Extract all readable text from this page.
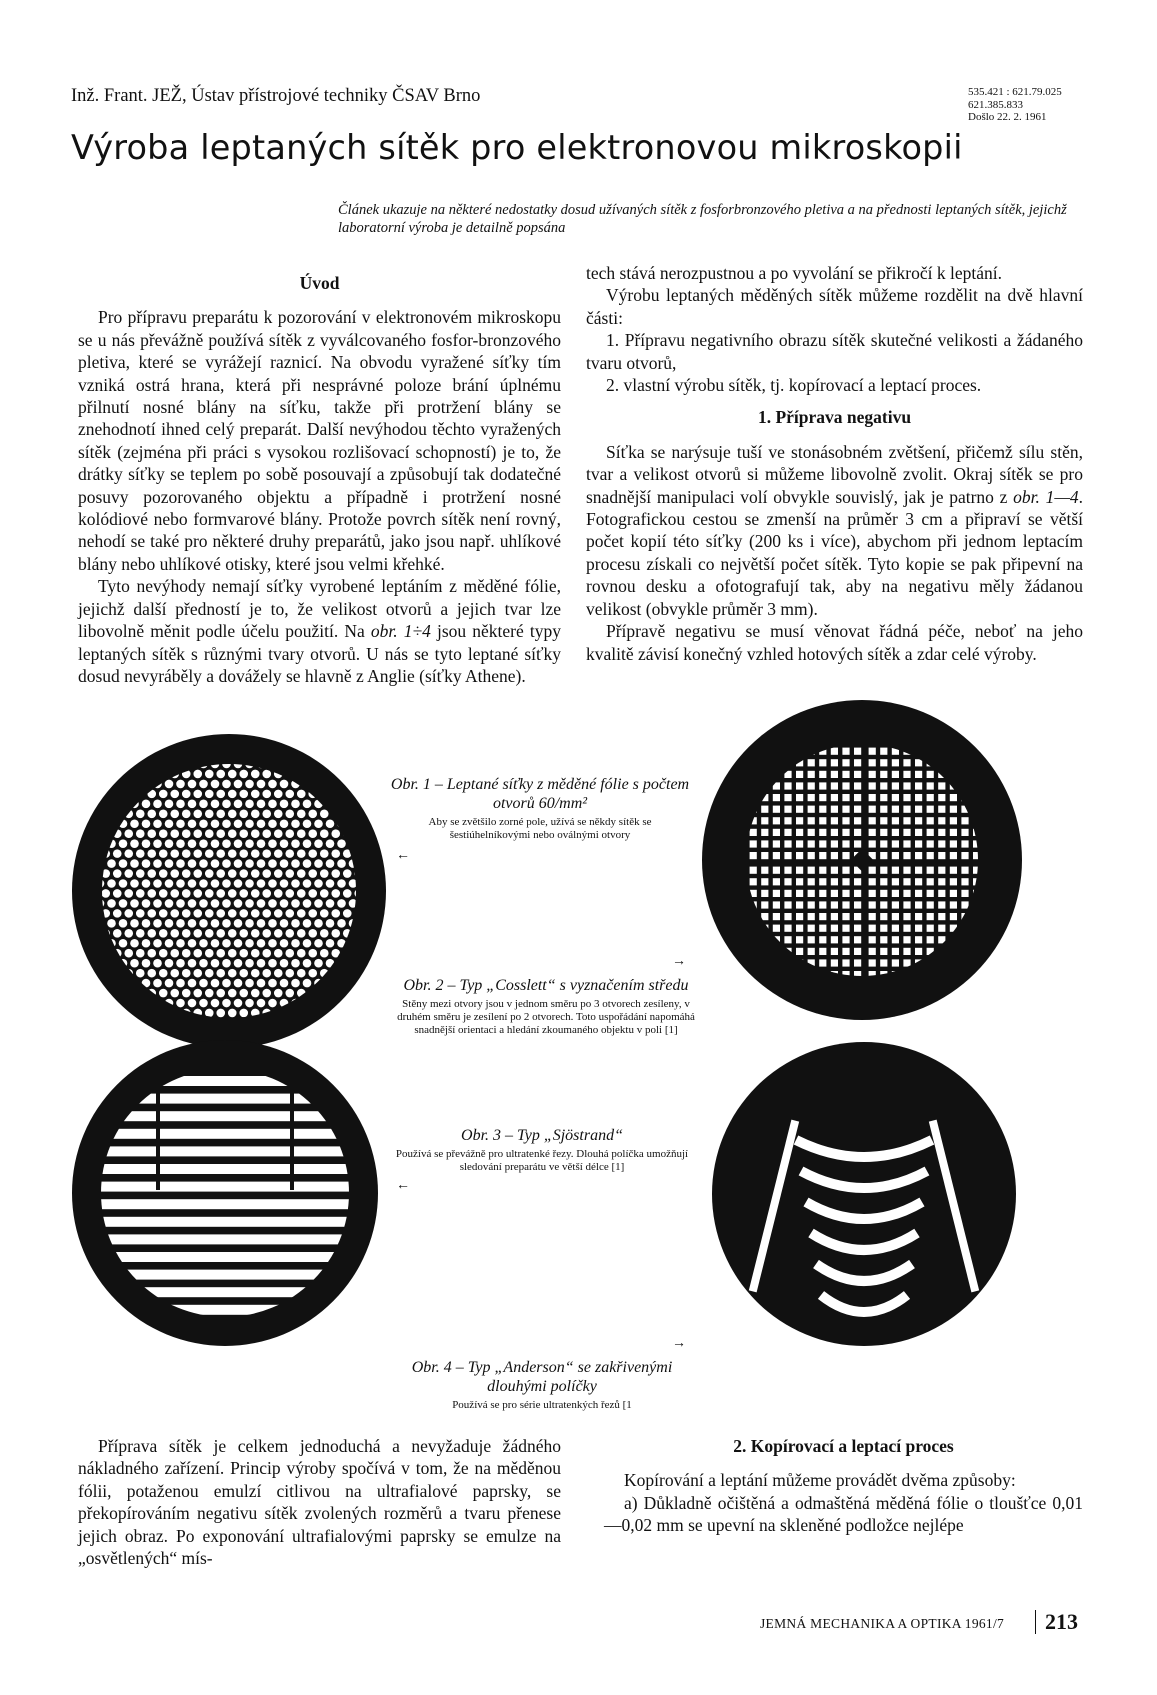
Inž. Frant. JEŽ, Ústav přístrojové techniky ČSAV Brno	535.421 : 621.79.025
621.385.833
Došlo 22. 2. 1961
Výroba leptaných sítěk pro elektronovou mikroskopii
Článek ukazuje na některé nedostatky dosud užívaných sítěk z fosforbronzového pletiva a na přednosti leptaných sítěk, jejichž laboratorní výroba je detailně popsána

Úvod

Pro přípravu preparátu k pozorování v elektronovém mikroskopu se u nás převážně používá sítěk z vyválcovaného fosfor-bronzového pletiva, které se vyrážejí raznicí. Na obvodu vyražené síťky tím vzniká ostrá hrana, která při nesprávné poloze brání úplnému přilnutí nosné blány na síťku, takže při protržení blány se znehodnotí ihned celý preparát. Další nevýhodou těchto vyražených sítěk (zejména při práci s vysokou rozlišovací schopností) je to, že drátky síťky se teplem po sobě posouvají a způsobují tak dodatečné posuvy pozorovaného objektu a případně i protržení nosné kolódiové nebo formvarové blány. Protože povrch sítěk není rovný, nehodí se také pro některé druhy preparátů, jako jsou např. uhlíkové blány nebo uhlíkové otisky, které jsou velmi křehké.

Tyto nevýhody nemají síťky vyrobené leptáním z měděné fólie, jejichž další předností je to, že velikost otvorů a jejich tvar lze libovolně měnit podle účelu použití. Na obr. 1÷4 jsou některé typy leptaných sítěk s různými tvary otvorů. U nás se tyto leptané síťky dosud nevyráběly a dovážely se hlavně z Anglie (síťky Athene).

tech stává nerozpustnou a po vyvolání se přikročí k leptání.

Výrobu leptaných měděných sítěk můžeme rozdělit na dvě hlavní části:

1. Přípravu negativního obrazu sítěk skutečné velikosti a žádaného tvaru otvorů,

2. vlastní výrobu sítěk, tj. kopírovací a leptací proces.

1. Příprava negativu

Síťka se narýsuje tuší ve stonásobném zvětšení, přičemž sílu stěn, tvar a velikost otvorů si můžeme libovolně zvolit. Okraj sítěk se pro snadnější manipulaci volí obvykle souvislý, jak je patrno z obr. 1—4. Fotografickou cestou se zmenší na průměr 3 cm a připraví se větší počet kopií této síťky (200 ks i více), abychom při jednom leptacím procesu získali co největší počet sítěk. Tyto kopie se pak připevní na rovnou desku a ofotografují tak, aby na negativu měly žádanou velikost (obvykle průměr 3 mm).

Přípravě negativu se musí věnovat řádná péče, neboť na jeho kvalitě závisí konečný vzhled hotových sítěk a zdar celé výroby.

Obr. 1 – Leptané síťky z měděné fólie s počtem otvorů 60/mm²
Aby se zvětšilo zorné pole, užívá se někdy sítěk se šestiúhelníkovými nebo oválnými otvory
←
→
Obr. 2 – Typ „Cosslett“ s vyznačením středu
Stěny mezi otvory jsou v jednom směru po 3 otvorech zesíleny, v druhém směru je zesílení po 2 otvorech. Toto uspořádání napomáhá snadnější orientaci a hledání zkoumaného objektu v poli [1]
Obr. 3 – Typ „Sjöstrand“
Používá se převážně pro ultratenké řezy. Dlouhá políčka umožňují sledování preparátu ve větší délce [1]
←
→
Obr. 4 – Typ „Anderson“ se zakřivenými dlouhými políčky
Používá se pro série ultratenkých řezů [1

Příprava sítěk je celkem jednoduchá a nevyžaduje žádného nákladného zařízení. Princip výroby spočívá v tom, že na měděnou fólii, potaženou emulzí citlivou na ultrafialové paprsky, se překopírováním negativu sítěk zvolených rozměrů a tvaru přenese jejich obraz. Po exponování ultrafialovými paprsky se emulze na „osvětlených“ mís-

2. Kopírovací a leptací proces

Kopírování a leptání můžeme provádět dvěma způsoby:

a) Důkladně očištěná a odmaštěná měděná fólie o tloušťce 0,01—0,02 mm se upevní na skleněné podložce nejlépe

JEMNÁ MECHANIKA A OPTIKA 1961/7 213
